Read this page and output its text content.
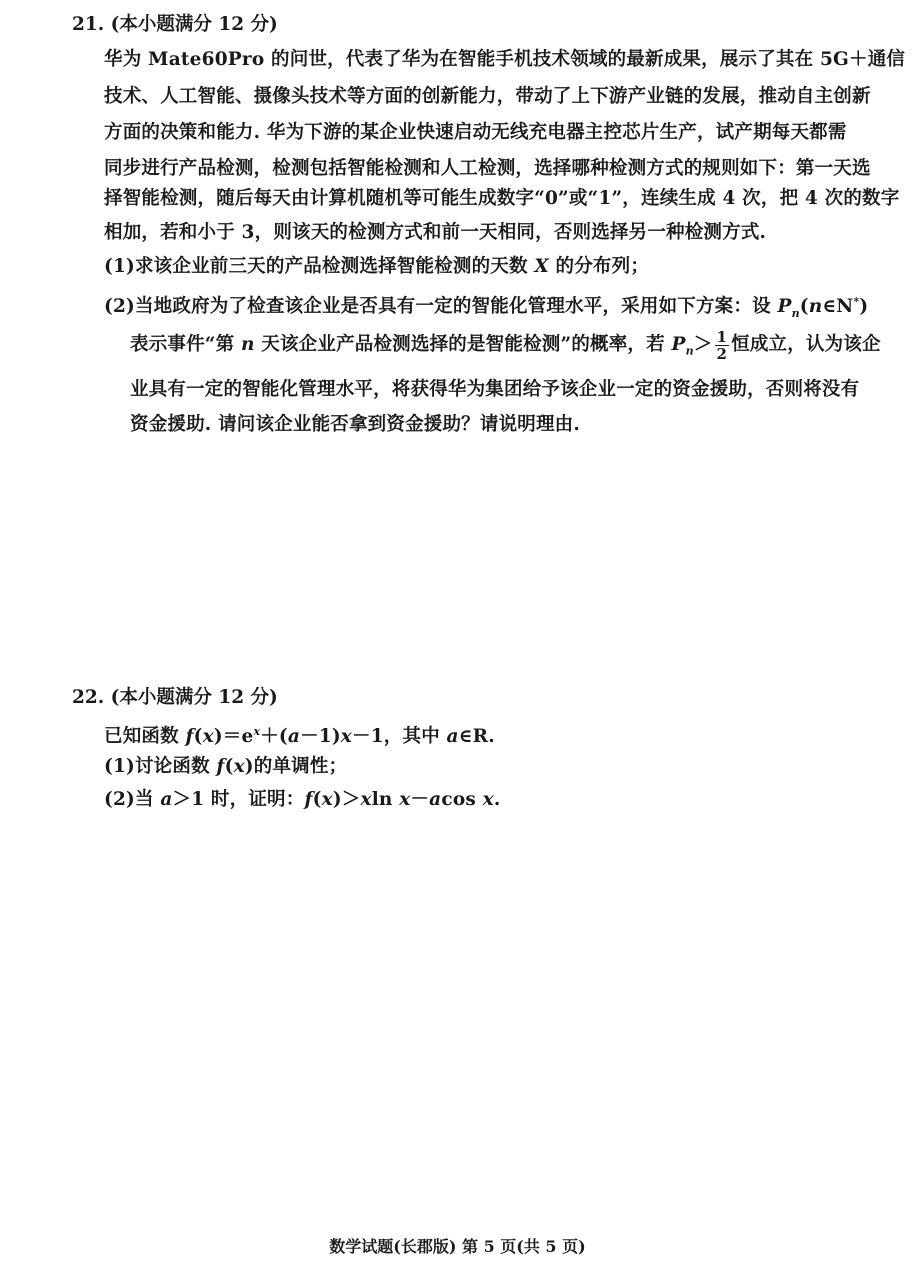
21. (本小题满分 12 分)
华为 Mate60Pro 的问世，代表了华为在智能手机技术领域的最新成果，展示了其在 5G＋通信
技术、人工智能、摄像头技术等方面的创新能力，带动了上下游产业链的发展，推动自主创新
方面的决策和能力. 华为下游的某企业快速启动无线充电器主控芯片生产，试产期每天都需
同步进行产品检测，检测包括智能检测和人工检测，选择哪种检测方式的规则如下：第一天选
择智能检测，随后每天由计算机随机等可能生成数字“0”或“1”，连续生成 4 次，把 4 次的数字
相加，若和小于 3，则该天的检测方式和前一天相同，否则选择另一种检测方式.
(1)求该企业前三天的产品检测选择智能检测的天数 X 的分布列；
(2)当地政府为了检查该企业是否具有一定的智能化管理水平，采用如下方案：设 $P_n(n\in N^*)$
表示事件“第 n 天该企业产品检测选择的是智能检测”的概率，若 $P_n> \frac{1}{2}$ 恒成立，认为该企
业具有一定的智能化管理水平，将获得华为集团给予该企业一定的资金援助，否则将没有
资金援助. 请问该企业能否拿到资金援助？请说明理由.
22. (本小题满分 12 分)
已知函数 $f(x)=e^x+(a-1)x-1$，其中 a∈R.
(1)讨论函数 f(x)的单调性；
(2)当 a＞1 时，证明：f(x)＞xln x－acos x.
数学试题(长郡版) 第 5 页(共 5 页)
